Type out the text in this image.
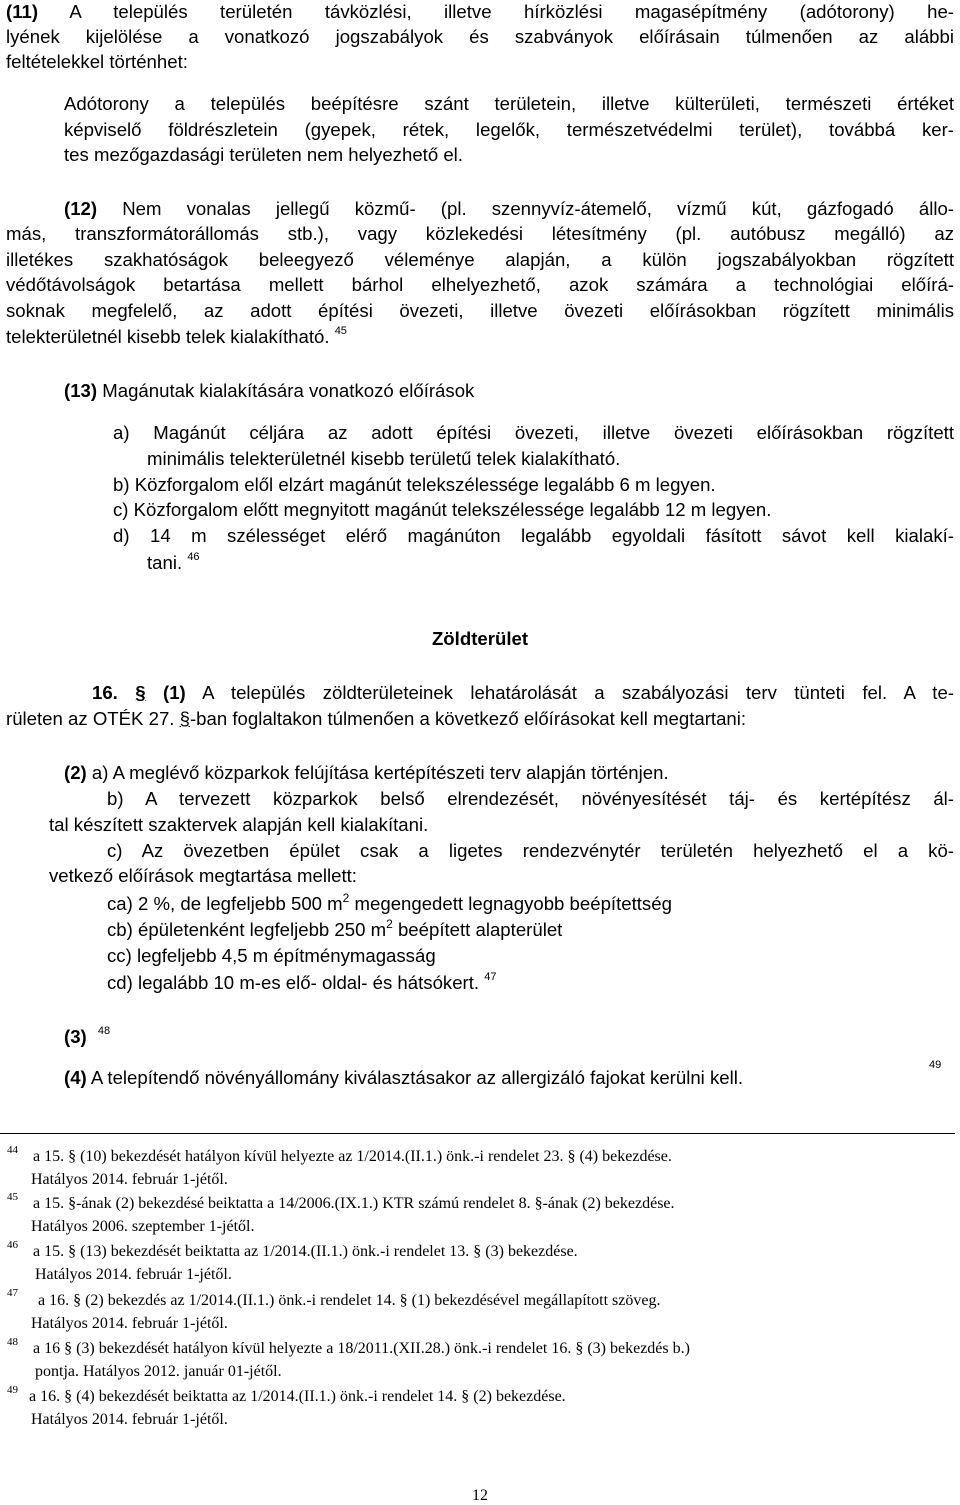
(11) A település területén távközlési, illetve hírközlési magasépítmény (adótorony) he-
lyének kijelölése a vonatkozó jogszabályok és szabványok előírásain túlmenően az alábbi
feltételekkel történhet:
Adótorony a település beépítésre szánt területein, illetve külterületi, természeti értéket
képviselő földrészletein (gyepek, rétek, legelők, természetvédelmi terület), továbbá ker-
tes mezőgazdasági területen nem helyezhető el.
(12) Nem vonalas jellegű közmű- (pl. szennyvíz-átemelő, vízmű kút, gázfogadó állo-
más, transzformátorállomás stb.), vagy közlekedési létesítmény (pl. autóbusz megálló) az
illetékes szakhatóságok beleegyező véleménye alapján, a külön jogszabályokban rögzített
védőtávolságok betartása mellett bárhol elhelyezhető, azok számára a technológiai előírá-
soknak megfelelő, az adott építési övezeti, illetve övezeti előírásokban rögzített minimális
telekterületnél kisebb telek kialakítható. $^{45}$
(13) Magánutak kialakítására vonatkozó előírások
a) Magánút céljára az adott építési övezeti, illetve övezeti előírásokban rögzített
minimális telekterületnél kisebb területű telek kialakítható.
b) Közforgalom elől elzárt magánút telekszélessége legalább 6 m legyen.
c) Közforgalom előtt megnyitott magánút telekszélessége legalább 12 m legyen.
d) 14 m szélességet elérő magánúton legalább egyoldali fásított sávot kell kialakí-
tani. $^{46}$
Zöldterület
16. § (1) A település zöldterületeinek lehatárolását a szabályozási terv tünteti fel. A te-
rületen az OTÉK 27. §-ban foglaltakon túlmenően a következő előírásokat kell megtartani:
(2) a) A meglévő közparkok felújítása kertépítészeti terv alapján történjen.
b) A tervezett közparkok belső elrendezését, növényesítését táj- és kertépítész ál-
tal készített szaktervek alapján kell kialakítani.
c) Az övezetben épület csak a ligetes rendezvénytér területén helyezhető el a kö-
vetkező előírások megtartása mellett:
ca) 2 %, de legfeljebb 500 $m^2$ megengedett legnagyobb beépítettség
cb) épületenként legfeljebb 250 $m^2$ beépített alapterület
cc) legfeljebb 4,5 m építménymagasság
cd) legalább 10 m-es elő- oldal- és hátsókert. $^{47}$
(3) $^{48}$
(4) A telepítendő növényállomány kiválasztásakor az allergizáló fajokat kerülni kell.
49
44 a 15. § (10) bekezdését hatályon kívül helyezte az 1/2014.(II.1.) önk.-i rendelet 23. § (4) bekezdése.
Hatályos 2014. február 1-jétől.
45 a 15. §-ának (2) bekezdésé beiktatta a 14/2006.(IX.1.) KTR számú rendelet 8. §-ának (2) bekezdése.
Hatályos 2006. szeptember 1-jétől.
46 a 15. § (13) bekezdését beiktatta az 1/2014.(II.1.) önk.-i rendelet 13. § (3) bekezdése.
Hatályos 2014. február 1-jétől.
47 a 16. § (2) bekezdés az 1/2014.(II.1.) önk.-i rendelet 14. § (1) bekezdésével megállapított szöveg.
Hatályos 2014. február 1-jétől.
48 a 16 § (3) bekezdését hatályon kívül helyezte a 18/2011.(XII.28.) önk.-i rendelet 16. § (3) bekezdés b.)
pontja. Hatályos 2012. január 01-jétől.
49 a 16. § (4) bekezdését beiktatta az 1/2014.(II.1.) önk.-i rendelet 14. § (2) bekezdése.
Hatályos 2014. február 1-jétől.
12
